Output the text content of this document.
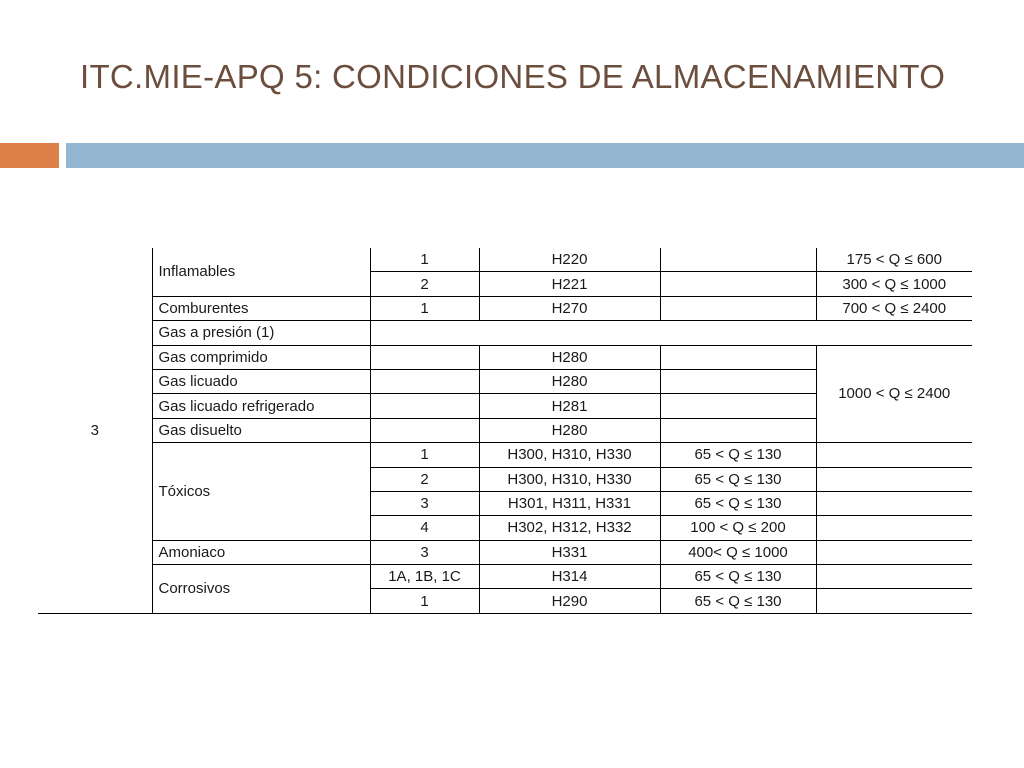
ITC.MIE-APQ 5: CONDICIONES DE ALMACENAMIENTO
3	Inflamables	1	H220		175 < Q ≤ 600
		2	H221		300 < Q ≤ 1000
	Comburentes	1	H270		700 < Q ≤ 2400
	Gas a presión (1)				
	Gas comprimido		H280		1000 < Q ≤ 2400
	Gas licuado		H280		
	Gas licuado refrigerado		H281		
	Gas disuelto		H280		
	Tóxicos	1	H300, H310, H330	65 < Q ≤ 130	
		2	H300, H310, H330	65 < Q ≤ 130	
		3	H301, H311, H331	65 < Q ≤ 130	
		4	H302, H312, H332	100 < Q ≤ 200	
	Amoniaco	3	H331	400< Q ≤ 1000	
	Corrosivos	1A, 1B, 1C	H314	65 < Q ≤ 130	
		1	H290	65 < Q ≤ 130	
